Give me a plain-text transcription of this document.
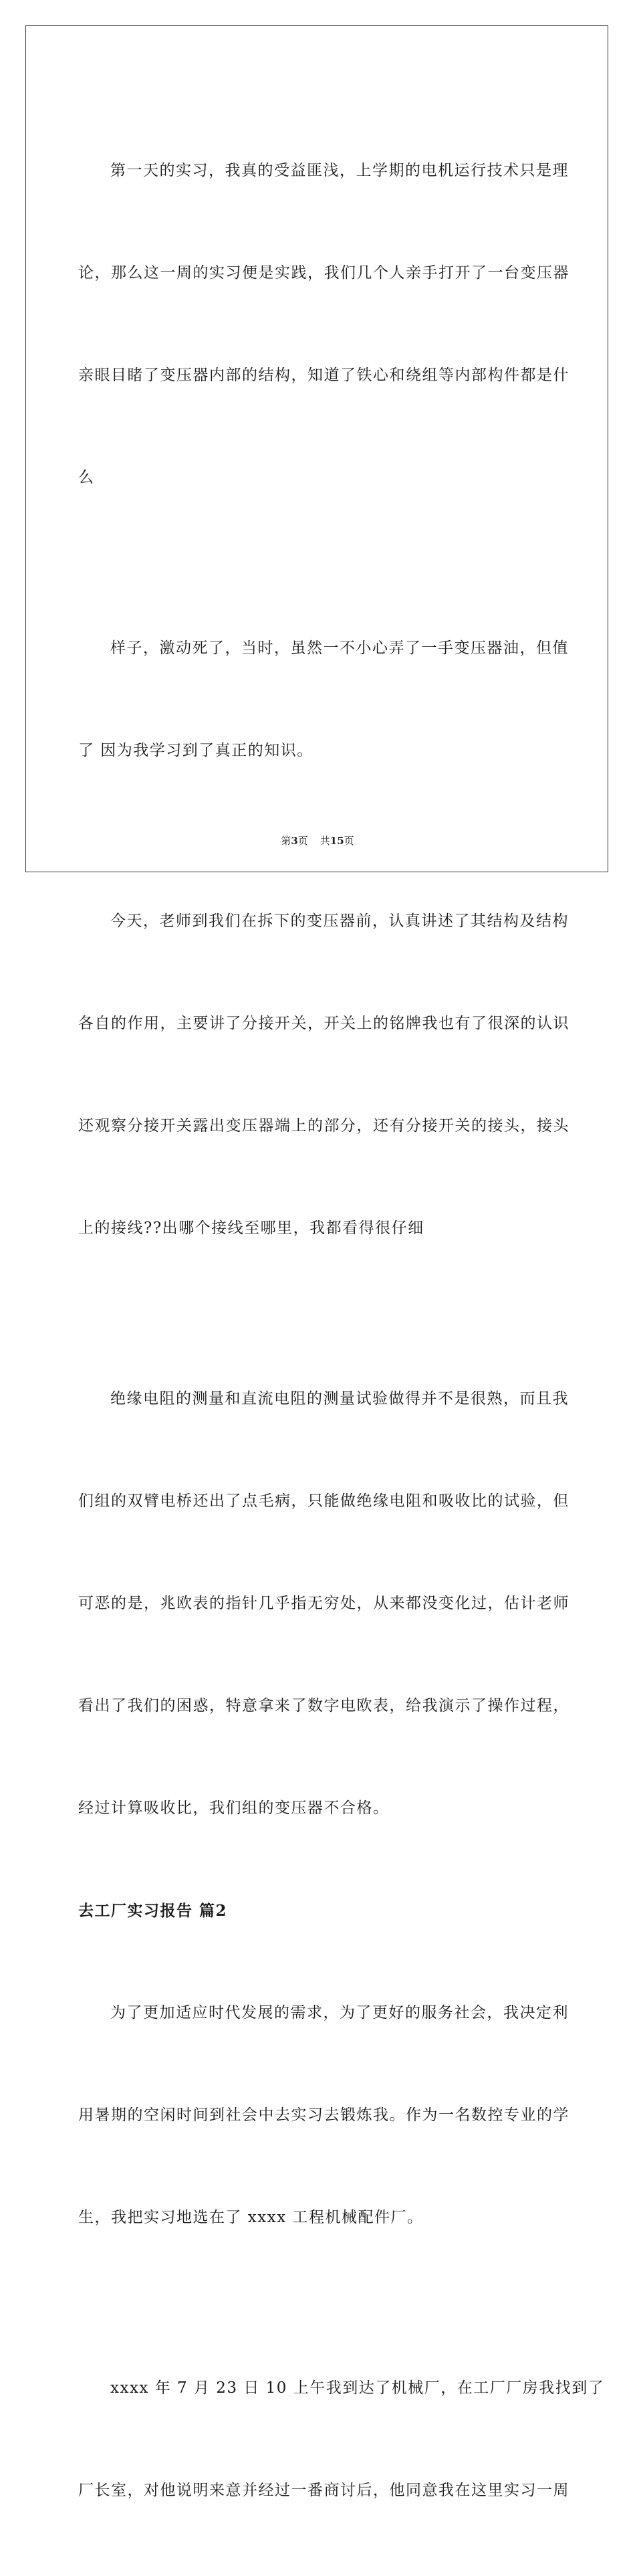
第一天的实习，我真的受益匪浅，上学期的电机运行技术只是理

论，那么这一周的实习便是实践，我们几个人亲手打开了一台变压器

亲眼目睹了变压器内部的结构，知道了铁心和绕组等内部构件都是什

么

样子，激动死了，当时，虽然一不小心弄了一手变压器油，但值

了 因为我学习到了真正的知识。

今天，老师到我们在拆下的变压器前，认真讲述了其结构及结构

各自的作用，主要讲了分接开关，开关上的铭牌我也有了很深的认识

还观察分接开关露出变压器端上的部分，还有分接开关的接头，接头

上的接线??出哪个接线至哪里，我都看得很仔细

绝缘电阻的测量和直流电阻的测量试验做得并不是很熟，而且我

们组的双臂电桥还出了点毛病，只能做绝缘电阻和吸收比的试验，但

可恶的是，兆欧表的指针几乎指无穷处，从来都没变化过，估计老师

看出了我们的困惑，特意拿来了数字电欧表，给我演示了操作过程，

经过计算吸收比，我们组的变压器不合格。

去工厂实习报告 篇2

为了更加适应时代发展的需求，为了更好的服务社会，我决定利

用暑期的空闲时间到社会中去实习去锻炼我。作为一名数控专业的学

生，我把实习地选在了 xxxx 工程机械配件厂。

xxxx 年 7 月 23 日 10 上午我到达了机械厂，在工厂厂房我找到了

厂长室，对他说明来意并经过一番商讨后，他同意我在这里实习一周

第3页 共15页
